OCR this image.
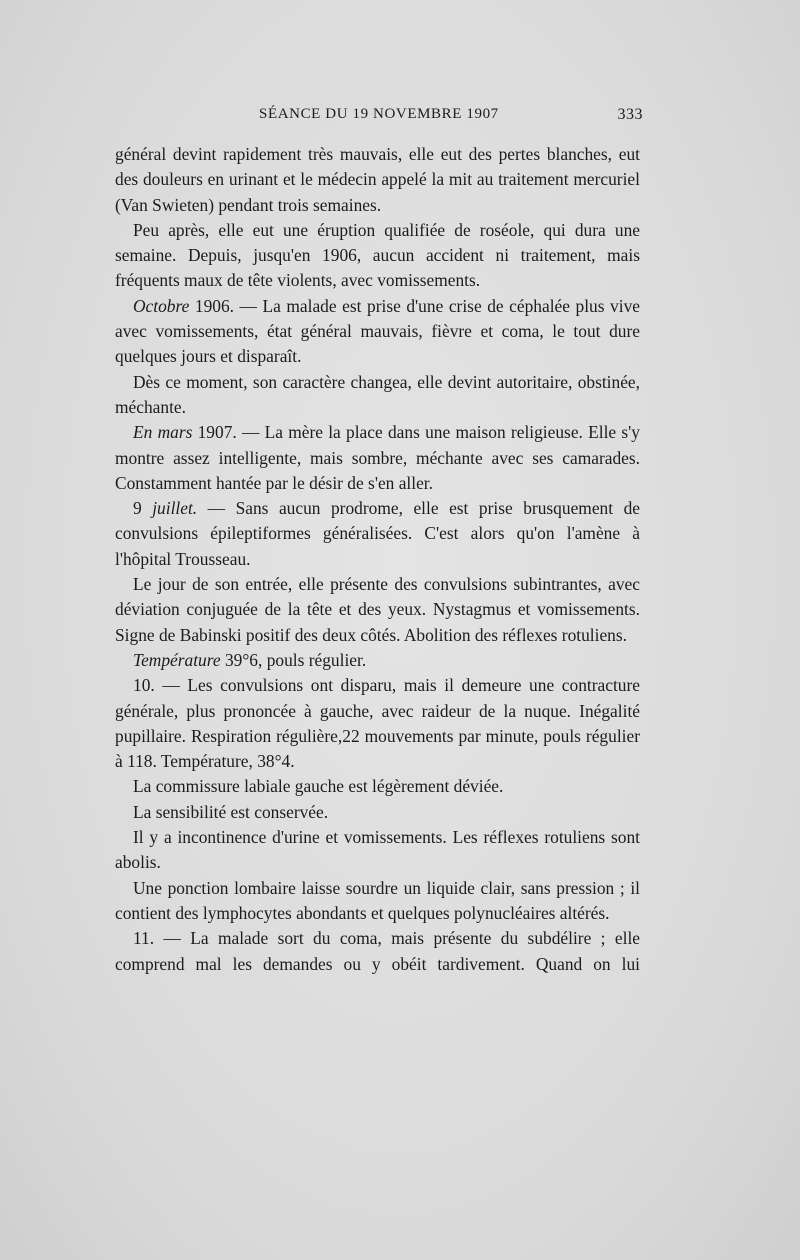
SÉANCE DU 19 NOVEMBRE 1907	333

général devint rapidement très mauvais, elle eut des pertes blanches, eut des douleurs en urinant et le médecin appelé la mit au traitement mercuriel (Van Swieten) pendant trois semaines.

Peu après, elle eut une éruption qualifiée de roséole, qui dura une semaine. Depuis, jusqu'en 1906, aucun accident ni traitement, mais fréquents maux de tête violents, avec vomissements.

Octobre 1906. — La malade est prise d'une crise de céphalée plus vive avec vomissements, état général mauvais, fièvre et coma, le tout dure quelques jours et disparaît.

Dès ce moment, son caractère changea, elle devint autoritaire, obstinée, méchante.

En mars 1907. — La mère la place dans une maison religieuse. Elle s'y montre assez intelligente, mais sombre, méchante avec ses camarades. Constamment hantée par le désir de s'en aller.

9 juillet. — Sans aucun prodrome, elle est prise brusquement de convulsions épileptiformes généralisées. C'est alors qu'on l'amène à l'hôpital Trousseau.

Le jour de son entrée, elle présente des convulsions subintrantes, avec déviation conjuguée de la tête et des yeux. Nystagmus et vomissements. Signe de Babinski positif des deux côtés. Abolition des réflexes rotuliens.

Température 39°6, pouls régulier.

10. — Les convulsions ont disparu, mais il demeure une contracture générale, plus prononcée à gauche, avec raideur de la nuque. Inégalité pupillaire. Respiration régulière,22 mouvements par minute, pouls régulier à 118. Température, 38°4.

La commissure labiale gauche est légèrement déviée.

La sensibilité est conservée.

Il y a incontinence d'urine et vomissements. Les réflexes rotuliens sont abolis.

Une ponction lombaire laisse sourdre un liquide clair, sans pression ; il contient des lymphocytes abondants et quelques polynucléaires altérés.

11. — La malade sort du coma, mais présente du subdélire ; elle comprend mal les demandes ou y obéit tardivement. Quand on lui
